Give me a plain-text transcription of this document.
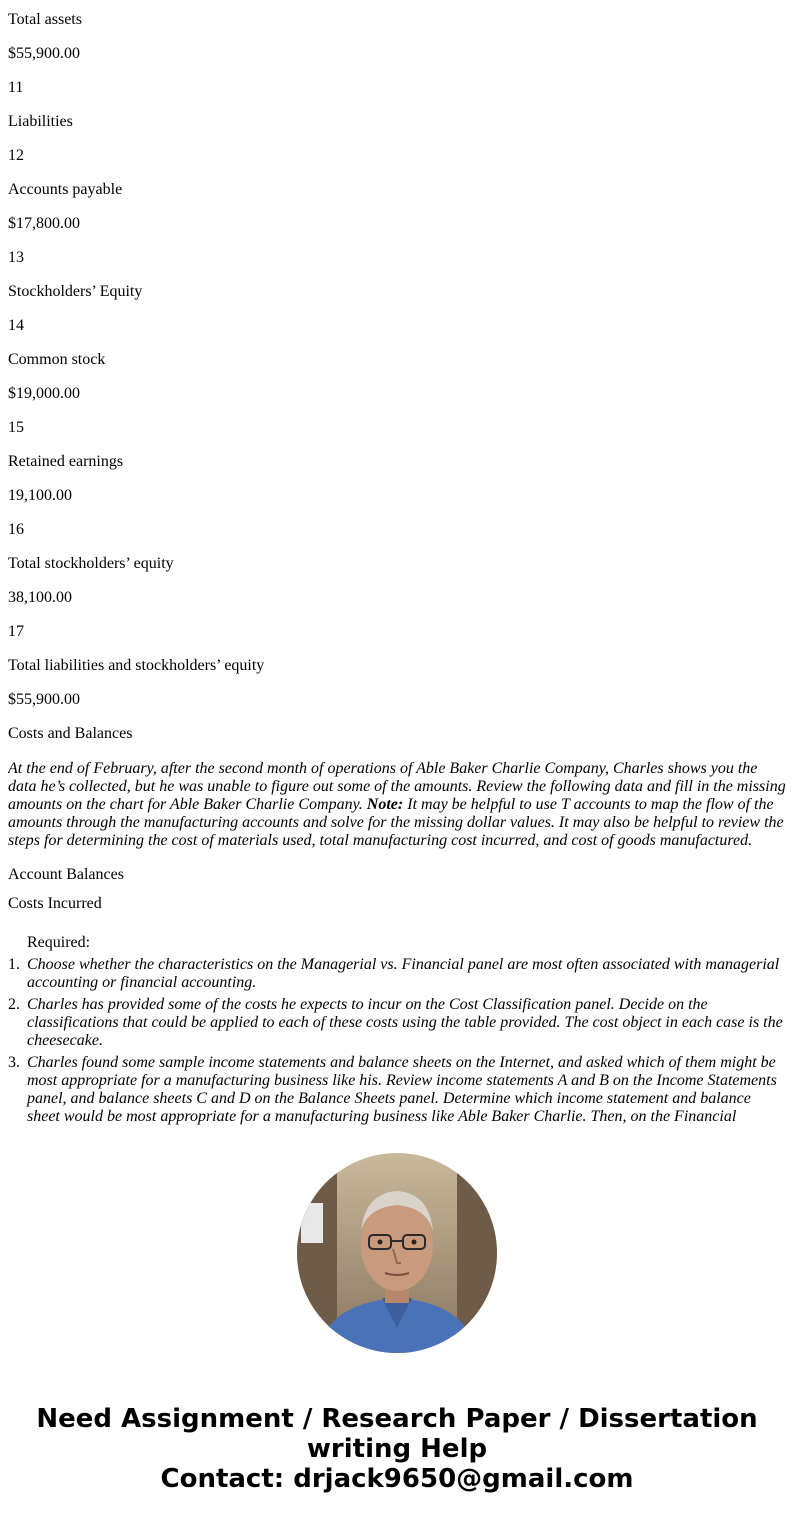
Total assets

$55,900.00

11

Liabilities

12

Accounts payable

$17,800.00

13

Stockholders’ Equity

14

Common stock

$19,000.00

15

Retained earnings

19,100.00

16

Total stockholders’ equity

38,100.00

17

Total liabilities and stockholders’ equity

$55,900.00

Costs and Balances

At the end of February, after the second month of operations of Able Baker Charlie Company, Charles shows you the data he’s collected, but he was unable to figure out some of the amounts. Review the following data and fill in the missing amounts on the chart for Able Baker Charlie Company. Note: It may be helpful to use T accounts to map the flow of the amounts through the manufacturing accounts and solve for the missing dollar values. It may also be helpful to review the steps for determining the cost of materials used, total manufacturing cost incurred, and cost of goods manufactured.

Account Balances

Costs Incurred

Required:
1. Choose whether the characteristics on the Managerial vs. Financial panel are most often associated with managerial accounting or financial accounting.
2. Charles has provided some of the costs he expects to incur on the Cost Classification panel. Decide on the classifications that could be applied to each of these costs using the table provided. The cost object in each case is the cheesecake.
3. Charles found some sample income statements and balance sheets on the Internet, and asked which of them might be most appropriate for a manufacturing business like his. Review income statements A and B on the Income Statements panel, and balance sheets C and D on the Balance Sheets panel. Determine which income statement and balance sheet would be most appropriate for a manufacturing business like Able Baker Charlie. Then, on the Financial
Need Assignment / Research Paper / Dissertation
writing Help
Contact: drjack9650@gmail.com
